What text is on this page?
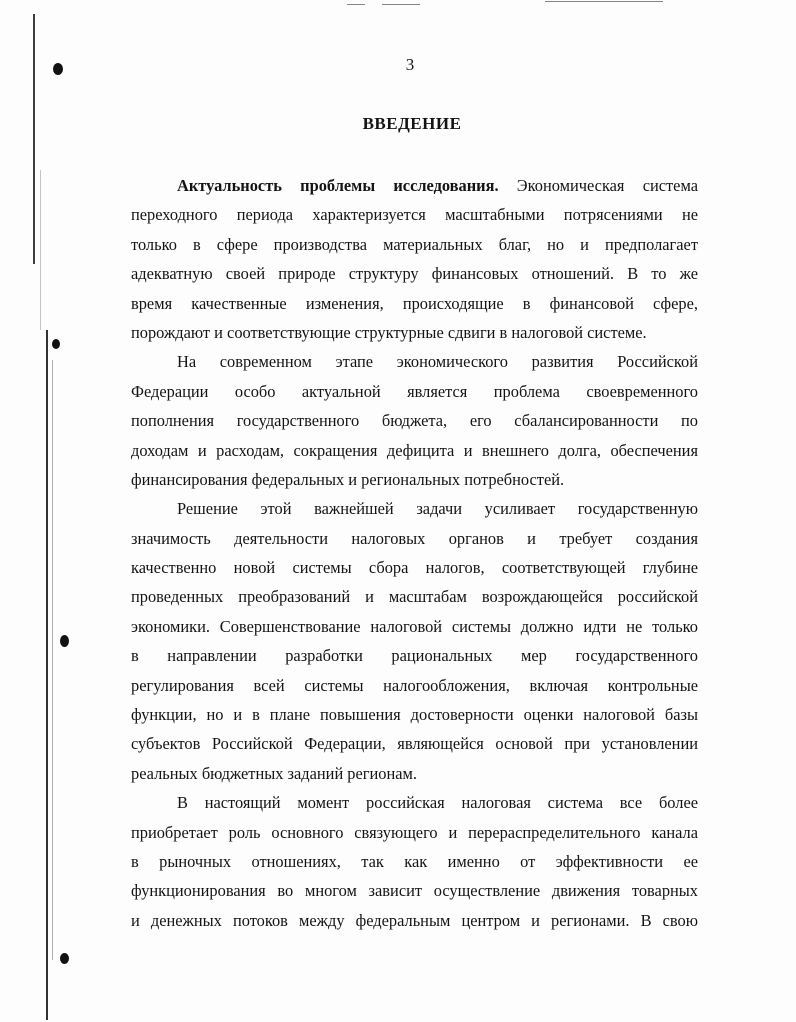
3
ВВЕДЕНИЕ
Актуальность проблемы исследования. Экономическая система
переходного периода характеризуется масштабными потрясениями не
только в сфере производства материальных благ, но и предполагает
адекватную своей природе структуру финансовых отношений. В то же
время качественные изменения, происходящие в финансовой сфере,
порождают и соответствующие структурные сдвиги в налоговой системе.
На современном этапе экономического развития Российской
Федерации особо актуальной является проблема своевременного
пополнения государственного бюджета, его сбалансированности по
доходам и расходам, сокращения дефицита и внешнего долга, обеспечения
финансирования федеральных и региональных потребностей.
Решение этой важнейшей задачи усиливает государственную
значимость деятельности налоговых органов и требует создания
качественно новой системы сбора налогов, соответствующей глубине
проведенных преобразований и масштабам возрождающейся российской
экономики. Совершенствование налоговой системы должно идти не только
в направлении разработки рациональных мер государственного
регулирования всей системы налогообложения, включая контрольные
функции, но и в плане повышения достоверности оценки налоговой базы
субъектов Российской Федерации, являющейся основой при установлении
реальных бюджетных заданий регионам.
В настоящий момент российская налоговая система все более
приобретает роль основного связующего и перераспределительного канала
в рыночных отношениях, так как именно от эффективности ее
функционирования во многом зависит осуществление движения товарных
и денежных потоков между федеральным центром и регионами. В свою
